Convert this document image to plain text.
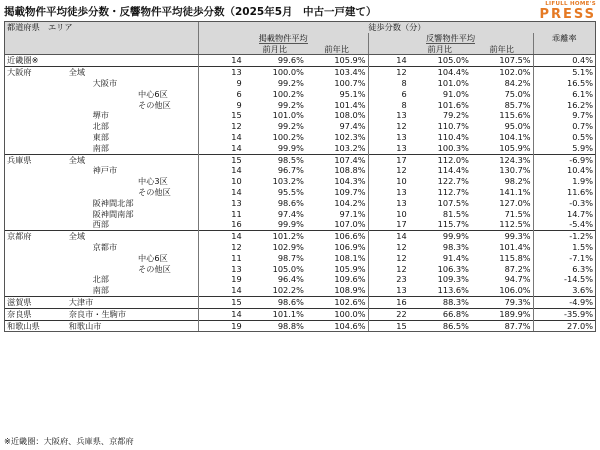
掲載物件平均徒歩分数・反響物件平均徒歩分数（2025年5月　中古一戸建て）
LIFULL HOME'S
PRESS
都道府県　エリア				徒歩分数（分）						
				掲載物件平均			反響物件平均			乖離率
					前月比	前年比		前月比	前年比	
近畿圏※				14	99.6%	105.9%	14	105.0%	107.5%	0.4%
大阪府	全域			13	100.0%	103.4%	12	104.4%	102.0%	5.1%
		大阪市		9	99.2%	100.7%	8	101.0%	84.2%	16.5%
			中心6区	6	100.2%	95.1%	6	91.0%	75.0%	6.1%
			その他区	9	99.2%	101.4%	8	101.6%	85.7%	16.2%
		堺市		15	101.0%	108.0%	13	79.2%	115.6%	9.7%
		北部		12	99.2%	97.4%	12	110.7%	95.0%	0.7%
		東部		14	100.2%	102.3%	13	110.4%	104.1%	0.5%
		南部		14	99.9%	103.2%	13	100.3%	105.9%	5.9%
兵庫県	全域			15	98.5%	107.4%	17	112.0%	124.3%	-6.9%
		神戸市		14	96.7%	108.8%	12	114.4%	130.7%	10.4%
			中心3区	10	103.2%	104.3%	10	122.7%	98.2%	1.9%
			その他区	14	95.5%	109.7%	13	112.7%	141.1%	11.6%
		阪神間北部		13	98.6%	104.2%	13	107.5%	127.0%	-0.3%
		阪神間南部		11	97.4%	97.1%	10	81.5%	71.5%	14.7%
		西部		16	99.9%	107.0%	17	115.7%	112.5%	-5.4%
京都府	全域			14	101.2%	106.6%	14	99.9%	99.3%	-1.2%
		京都市		12	102.9%	106.9%	12	98.3%	101.4%	1.5%
			中心6区	11	98.7%	108.1%	12	91.4%	115.8%	-7.1%
			その他区	13	105.0%	105.9%	12	106.3%	87.2%	6.3%
		北部		19	96.4%	109.6%	23	109.3%	94.7%	-14.5%
		南部		14	102.2%	108.9%	13	113.6%	106.0%	3.6%
滋賀県	大津市			15	98.6%	102.6%	16	88.3%	79.3%	-4.9%
奈良県	奈良市・生駒市			14	101.1%	100.0%	22	66.8%	189.9%	-35.9%
和歌山県	和歌山市			19	98.8%	104.6%	15	86.5%	87.7%	27.0%
※近畿圏：大阪府、兵庫県、京都府
